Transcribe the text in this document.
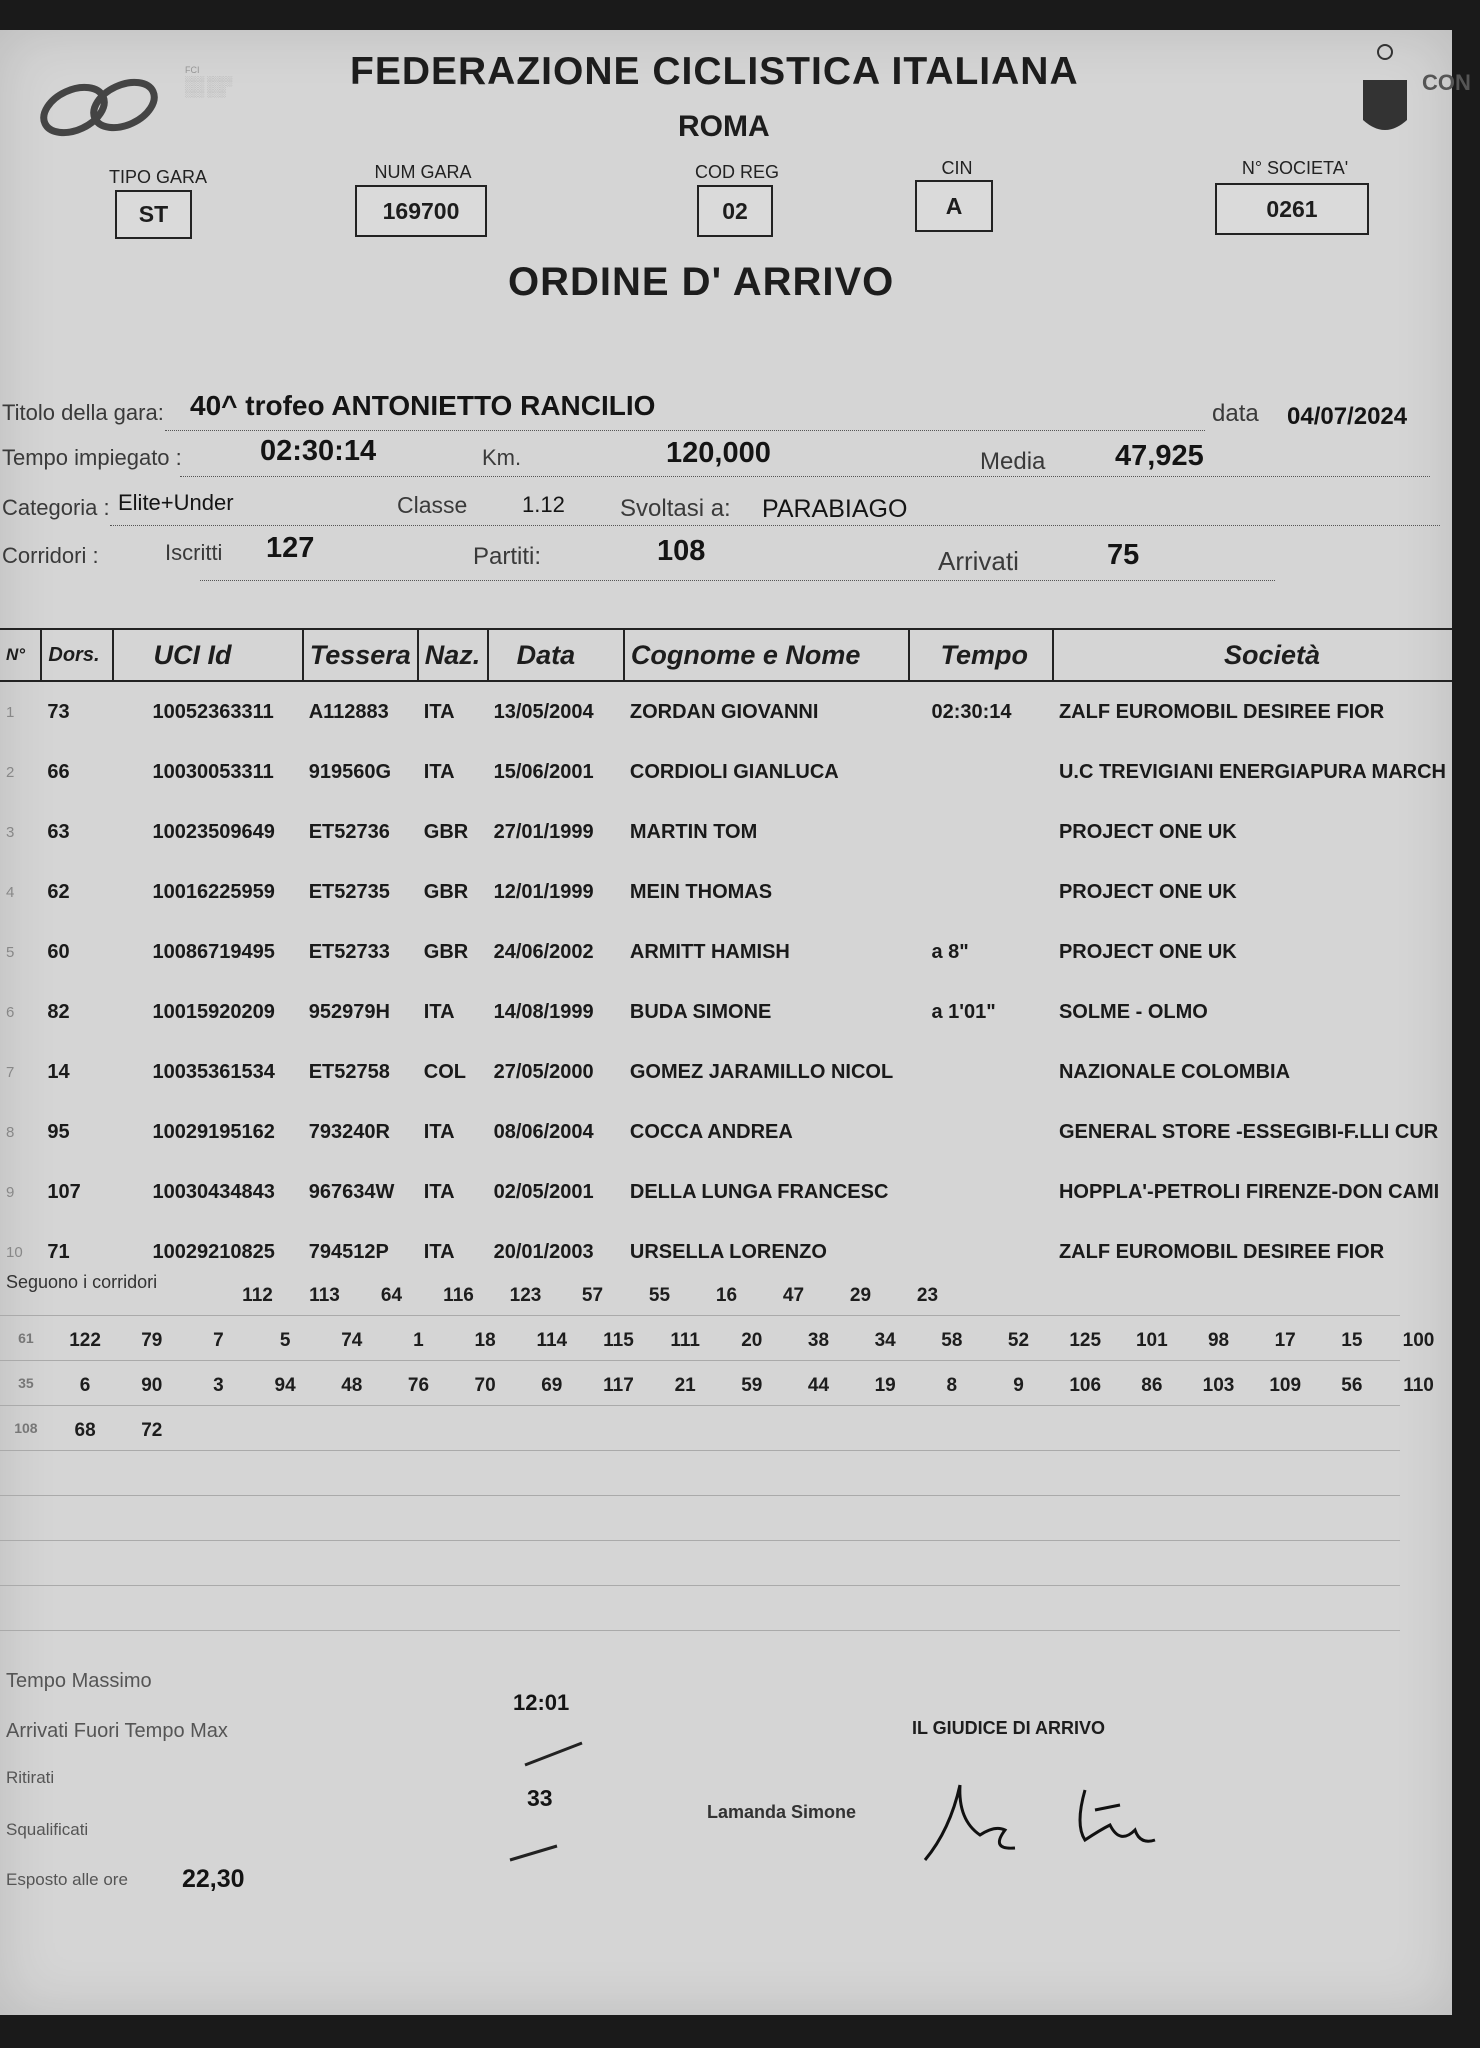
FCI
░░░ ░░░░
░░░ ░░░	CON
FEDERAZIONE CICLISTICA ITALIANA
ROMA
TIPO GARA
ST
NUM GARA
169700
COD REG
02
CIN
A
N° SOCIETA'
0261
ORDINE D' ARRIVO
Titolo della gara: 40^ trofeo ANTONIETTO RANCILIO	data 04/07/2024
Tempo impiegato :	02:30:14	Km.	120,000	Media 47,925
Categoria : Elite+Under	Classe 1.12 Svoltasi a: PARABIAGO
Corridori :	Iscritti 127	Partiti:	108	Arrivati	75
N°	Dors.	UCI Id	Tessera	Naz.	Data	Cognome e Nome	Tempo	Società
1	73	10052363311	A112883	ITA	13/05/2004	ZORDAN GIOVANNI	02:30:14	ZALF EUROMOBIL DESIREE FIOR
2	66	10030053311	919560G	ITA	15/06/2001	CORDIOLI GIANLUCA		U.C TREVIGIANI ENERGIAPURA MARCH
3	63	10023509649	ET52736	GBR	27/01/1999	MARTIN TOM		PROJECT ONE UK
4	62	10016225959	ET52735	GBR	12/01/1999	MEIN THOMAS		PROJECT ONE UK
5	60	10086719495	ET52733	GBR	24/06/2002	ARMITT HAMISH	a 8"	PROJECT ONE UK
6	82	10015920209	952979H	ITA	14/08/1999	BUDA SIMONE	a 1'01"	SOLME - OLMO
7	14	10035361534	ET52758	COL	27/05/2000	GOMEZ JARAMILLO NICOL		NAZIONALE COLOMBIA
8	95	10029195162	793240R	ITA	08/06/2004	COCCA ANDREA		GENERAL STORE -ESSEGIBI-F.LLI CUR
9	107	10030434843	967634W	ITA	02/05/2001	DELLA LUNGA FRANCESC		HOPPLA'-PETROLI FIRENZE-DON CAMI
10	71	10029210825	794512P	ITA	20/01/2003	URSELLA LORENZO		ZALF EUROMOBIL DESIREE FIOR
Seguono i corridori
112	113	64	116	123	57	55	16	47	29	23
61	122	79	7	5	74	1	18	114	115	111	20	38	34	58	52	125	101	98	17	15	100
35	6	90	3	94	48	76	70	69	117	21	59	44	19	8	9	106	86	103	109	56	110
108	68	72
Tempo Massimo
Arrivati Fuori Tempo Max
Ritirati
Squalificati
Esposto alle ore 22,30
12:01
33
IL GIUDICE DI ARRIVO
Lamanda Simone
